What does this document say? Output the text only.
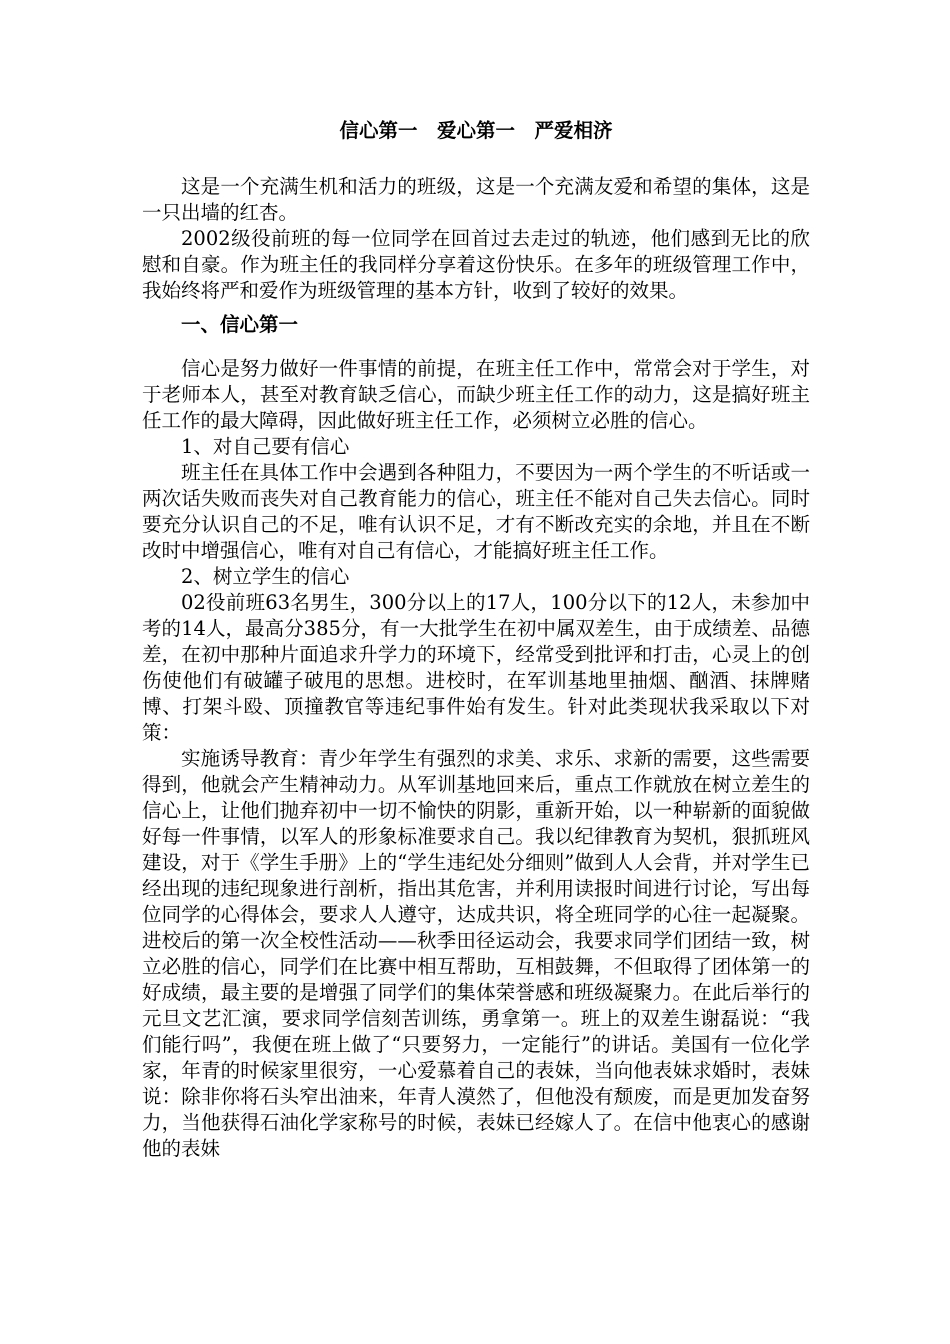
信心第一　爱心第一　严爱相济

这是一个充满生机和活力的班级，这是一个充满友爱和希望的集体，这是一只出墙的红杏。

2002级役前班的每一位同学在回首过去走过的轨迹，他们感到无比的欣慰和自豪。作为班主任的我同样分享着这份快乐。在多年的班级管理工作中，我始终将严和爱作为班级管理的基本方针，收到了较好的效果。

一、信心第一

信心是努力做好一件事情的前提，在班主任工作中，常常会对于学生，对于老师本人，甚至对教育缺乏信心，而缺少班主任工作的动力，这是搞好班主任工作的最大障碍，因此做好班主任工作，必须树立必胜的信心。

1、对自己要有信心

班主任在具体工作中会遇到各种阻力，不要因为一两个学生的不听话或一两次话失败而丧失对自己教育能力的信心，班主任不能对自己失去信心。同时要充分认识自己的不足，唯有认识不足，才有不断改充实的余地，并且在不断改时中增强信心，唯有对自己有信心，才能搞好班主任工作。

2、树立学生的信心

02役前班63名男生，300分以上的17人，100分以下的12人，未参加中考的14人，最高分385分，有一大批学生在初中属双差生，由于成绩差、品德差，在初中那种片面追求升学力的环境下，经常受到批评和打击，心灵上的创伤使他们有破罐子破甩的思想。进校时，在军训基地里抽烟、酗酒、抹牌赌博、打架斗殴、顶撞教官等违纪事件始有发生。针对此类现状我采取以下对策：

实施诱导教育：青少年学生有强烈的求美、求乐、求新的需要，这些需要得到，他就会产生精神动力。从军训基地回来后，重点工作就放在树立差生的信心上，让他们抛弃初中一切不愉快的阴影，重新开始，以一种崭新的面貌做好每一件事情，以军人的形象标准要求自己。我以纪律教育为契机，狠抓班风建设，对于《学生手册》上的“学生违纪处分细则”做到人人会背，并对学生已经出现的违纪现象进行剖析，指出其危害，并利用读报时间进行讨论，写出每位同学的心得体会，要求人人遵守，达成共识，将全班同学的心往一起凝聚。进校后的第一次全校性活动——秋季田径运动会，我要求同学们团结一致，树立必胜的信心，同学们在比赛中相互帮助，互相鼓舞，不但取得了团体第一的好成绩，最主要的是增强了同学们的集体荣誉感和班级凝聚力。在此后举行的元旦文艺汇演，要求同学信刻苦训练，勇拿第一。班上的双差生谢磊说：“我们能行吗”，我便在班上做了“只要努力，一定能行”的讲话。美国有一位化学家，年青的时候家里很穷，一心爱慕着自己的表妹，当向他表妹求婚时，表妹说：除非你将石头窄出油来，年青人漠然了，但他没有颓废，而是更加发奋努力，当他获得石油化学家称号的时候，表妹已经嫁人了。在信中他衷心的感谢他的表妹
